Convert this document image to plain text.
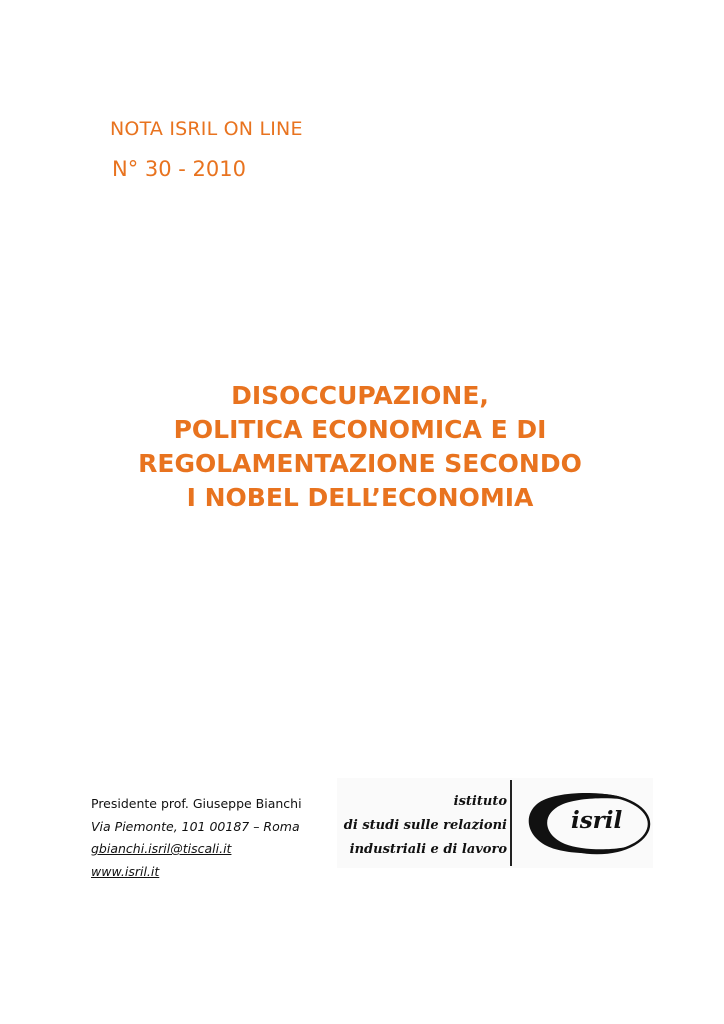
NOTA ISRIL ON LINE
N° 30 - 2010
DISOCCUPAZIONE,
POLITICA ECONOMICA E DI
REGOLAMENTAZIONE SECONDO
I NOBEL DELL’ECONOMIA
Presidente prof. Giuseppe Bianchi
Via Piemonte, 101 00187 – Roma
gbianchi.isril@tiscali.it
www.isril.it
istituto
di studi sulle relazioni
industriali e di lavoro
isril
